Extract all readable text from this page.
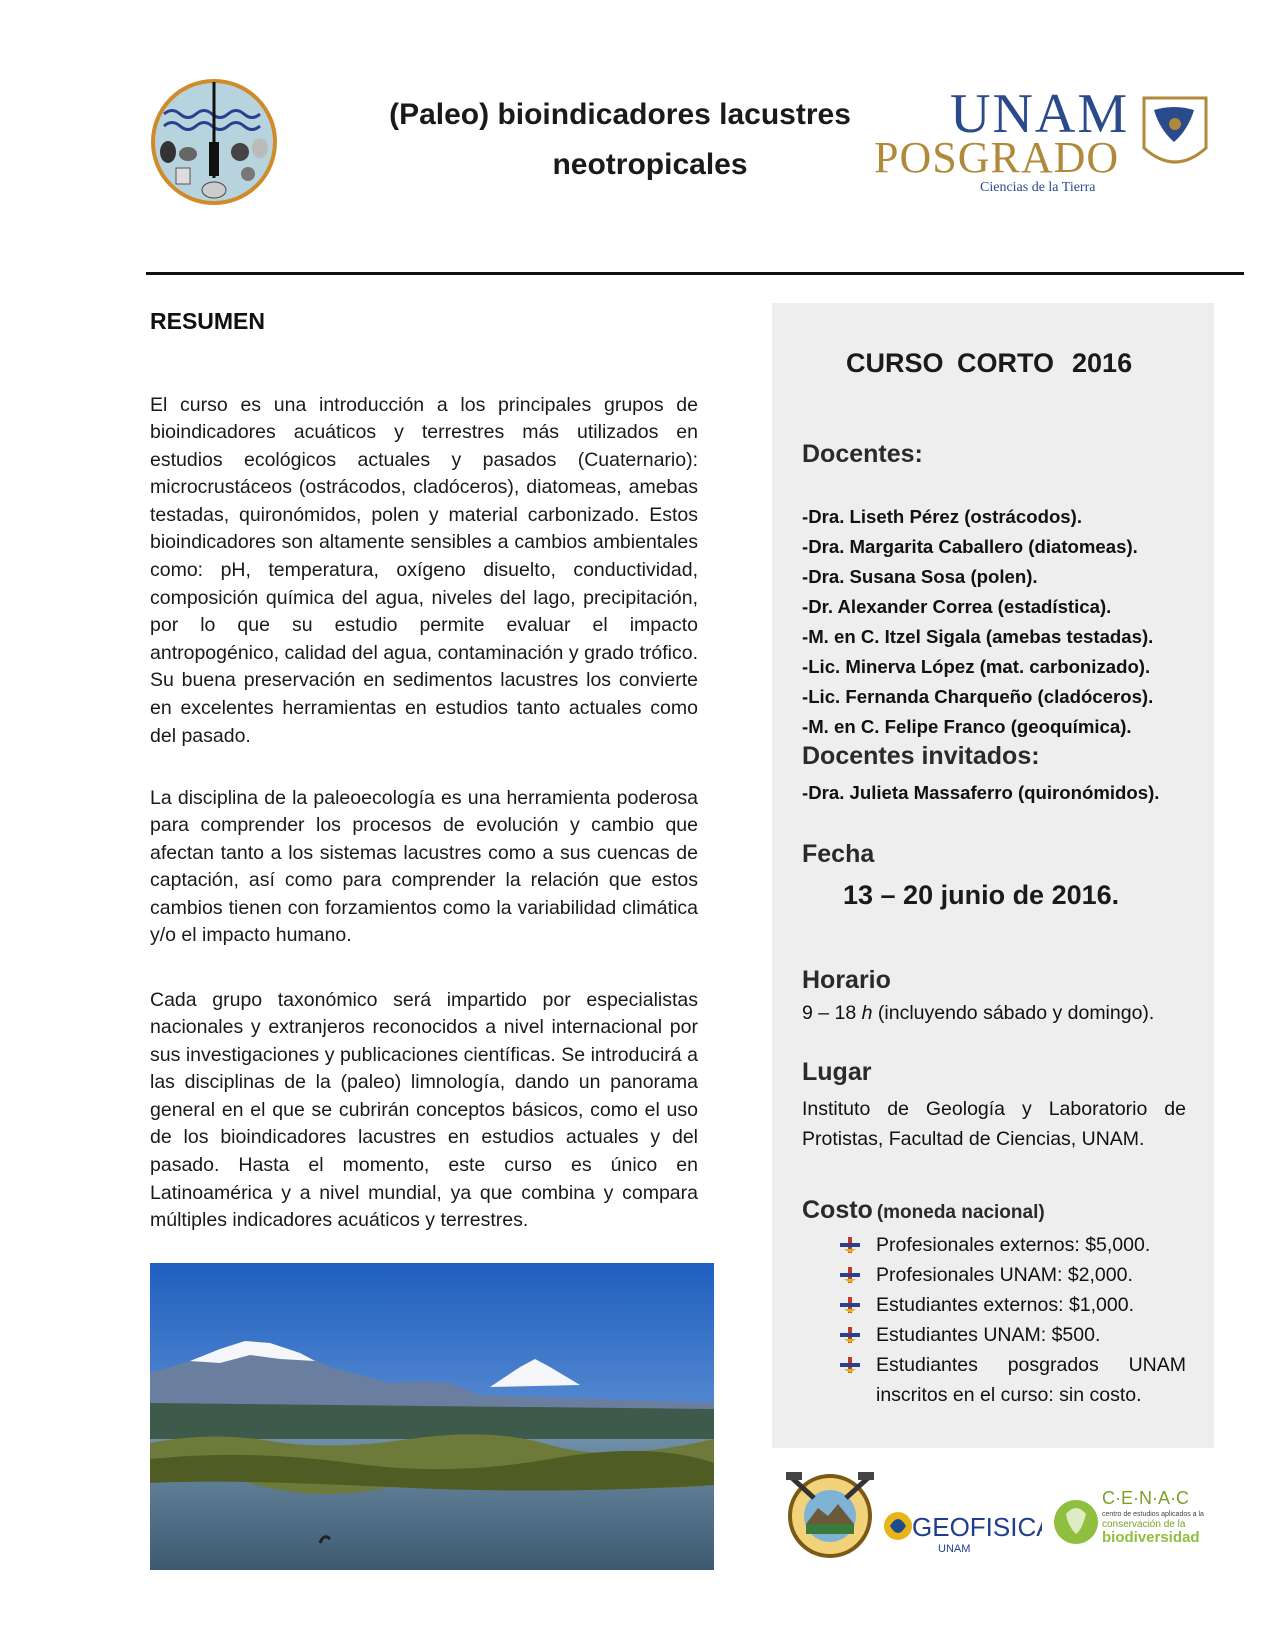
(Paleo) bioindicadores lacustres
neotropicales
UNAM
POSGRADO
Ciencias de la Tierra
RESUMEN

El curso es una introducción a los principales grupos de bioindicadores acuáticos y terrestres más utilizados en estudios ecológicos actuales y pasados (Cuaternario): microcrustáceos (ostrácodos, cladóceros), diatomeas, amebas testadas, quironómidos, polen y material carbonizado. Estos bioindicadores son altamente sensibles a cambios ambientales como: pH, temperatura, oxígeno disuelto, conductividad, composición química del agua, niveles del lago, precipitación, por lo que su estudio permite evaluar el impacto antropogénico, calidad del agua, contaminación y grado trófico. Su buena preservación en sedimentos lacustres los convierte en excelentes herramientas en estudios tanto actuales como del pasado.

La disciplina de la paleoecología es una herramienta poderosa para comprender los procesos de evolución y cambio que afectan tanto a los sistemas lacustres como a sus cuencas de captación, así como para comprender la relación que estos cambios tienen con forzamientos como la variabilidad climática y/o el impacto humano.

Cada grupo taxonómico será impartido por especialistas nacionales y extranjeros reconocidos a nivel internacional por sus investigaciones y publicaciones científicas. Se introducirá a las disciplinas de la (paleo) limnología, dando un panorama general en el que se cubrirán conceptos básicos, como el uso de los bioindicadores lacustres en estudios actuales y del pasado. Hasta el momento, este curso es único en Latinoamérica y a nivel mundial, ya que combina y compara múltiples indicadores acuáticos y terrestres.

CURSO CORTO 2016
Docentes:
-Dra. Liseth Pérez (ostrácodos).
-Dra. Margarita Caballero (diatomeas).
-Dra. Susana Sosa (polen).
-Dr. Alexander Correa (estadística).
-M. en C. Itzel Sigala (amebas testadas).
-Lic. Minerva López (mat. carbonizado).
-Lic. Fernanda Charqueño (cladóceros).
-M. en C. Felipe Franco (geoquímica).
Docentes invitados:
-Dra. Julieta Massaferro (quironómidos).
Fecha
13 – 20 junio de 2016.
Horario
9 – 18 h (incluyendo sábado y domingo).
Lugar
Instituto de Geología y Laboratorio de Protistas, Facultad de Ciencias, UNAM.
Costo (moneda nacional)
Profesionales externos: $5,000.
Profesionales UNAM: $2,000.
Estudiantes externos: $1,000.
Estudiantes UNAM: $500.
Estudiantes posgrados UNAM inscritos en el curso: sin costo.
GEOFISICA
UNAM
C·E·N·A·C
centro de estudios aplicados a la
conservación de la
biodiversidad
